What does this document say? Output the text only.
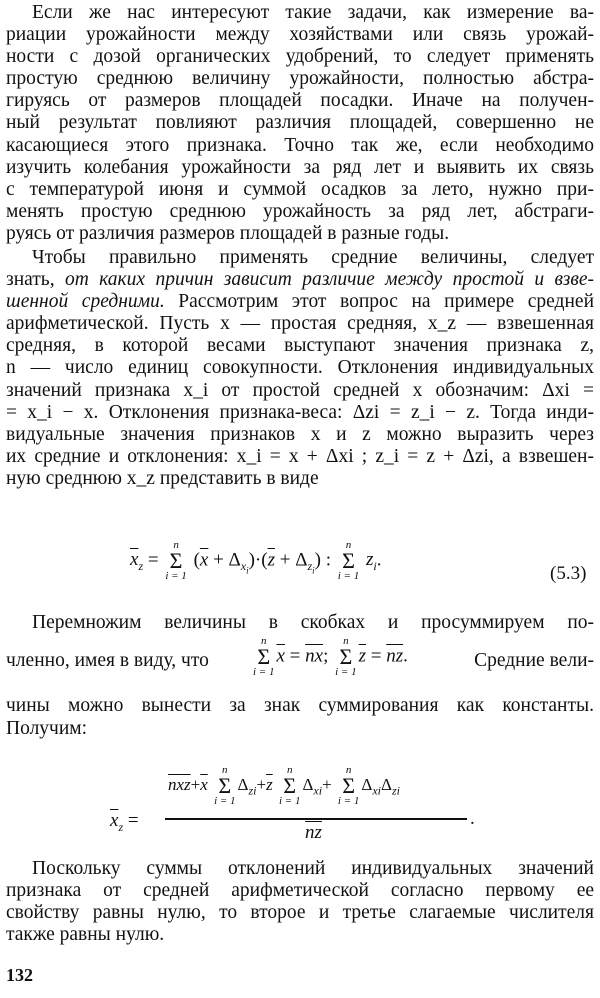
Если же нас интересуют такие задачи, как измерение ва-
риации урожайности между хозяйствами или связь урожай-
ности с дозой органических удобрений, то следует применять
простую среднюю величину урожайности, полностью абстра-
гируясь от размеров площадей посадки. Иначе на получен-
ный результат повлияют различия площадей, совершенно не
касающиеся этого признака. Точно так же, если необходимо
изучить колебания урожайности за ряд лет и выявить их связь
с температурой июня и суммой осадков за лето, нужно при-
менять простую среднюю урожайность за ряд лет, абстраги-
руясь от различия размеров площадей в разные годы.
Чтобы правильно применять средние величины, следует
знать, от каких причин зависит различие между простой и взве-
шенной средними. Рассмотрим этот вопрос на примере средней
арифметической. Пусть x — простая средняя, x_z — взвешенная
средняя, в которой весами выступают значения признака z,
n — число единиц совокупности. Отклонения индивидуальных
значений признака x_i от простой средней x обозначим: Δxi =
= x_i − x. Отклонения признака-веса: Δzi = z_i − z. Тогда инди-
видуальные значения признаков x и z можно выразить через
их средние и отклонения: x_i = x + Δxi ; z_i = z + Δzi, а взвешен-
ную среднюю x_z представить в виде
$\overline{x}_z$ =
n
Σ
i = 1
$(\overline{x} + \Delta_{x_i})\cdot(\overline{z} + \Delta_{z_i})$ :
n
Σ
i = 1
$z_i$.
(5.3)
Перемножим величины в скобках и просуммируем по-
членно, имея в виду, что
n
Σ
i = 1
$\overline{x} = \overline{nx}$;
n
Σ
i = 1
$\overline{z} = \overline{nz}$.	Средние вели-
чины можно вынести за знак суммирования как константы.
Получим:
$\overline{x}_z$ =
$\overline{nxz}+\overline{x}$
n
Σ
i = 1
$\Delta_{zi}+\overline{z}$
n
Σ
i = 1
$\Delta_{xi}+$
n
Σ
i = 1
$\Delta_{xi}\Delta_{zi}$
$\overline{nz}$
.
Поскольку суммы отклонений индивидуальных значений
признака от средней арифметической согласно первому ее
свойству равны нулю, то второе и третье слагаемые числителя
также равны нулю.
132
